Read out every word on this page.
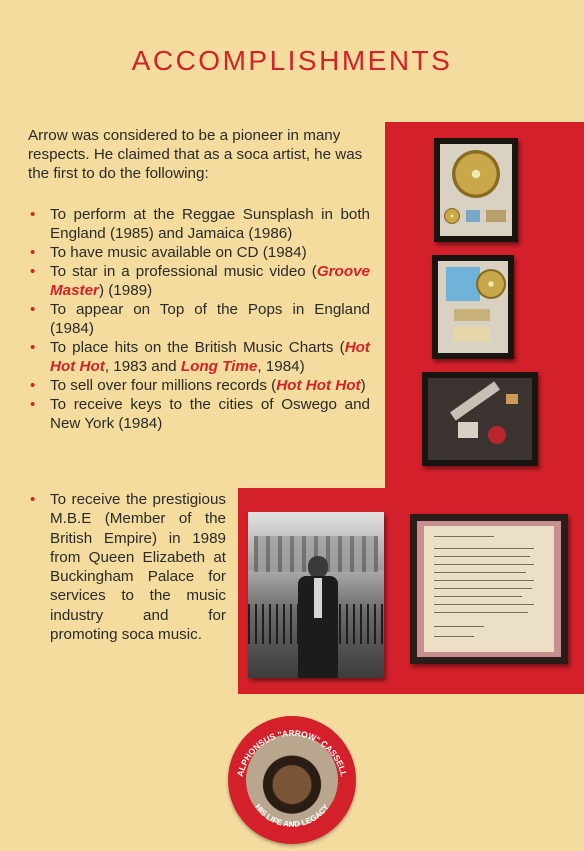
ACCOMPLISHMENTS

Arrow was considered to be a pioneer in many respects. He claimed that as a soca artist, he was the first to do the following:

• To perform at the Reggae Sunsplash in both England (1985) and Jamaica (1986)
• To have music available on CD (1984)
• To star in a professional music video (Groove Master) (1989)
• To appear on Top of the Pops in England (1984)
• To place hits on the British Music Charts (Hot Hot Hot, 1983 and Long Time, 1984)
• To sell over four millions records (Hot Hot Hot)
• To receive keys to the cities of Oswego and New York (1984)
• To receive the prestigious M.B.E (Member of the British Empire) in 1989 from Queen Elizabeth at Buckingham Palace for services to the music industry and for promoting soca music.
ALPHONSUS "ARROW" CASSELL
HIS LIFE AND LEGACY
